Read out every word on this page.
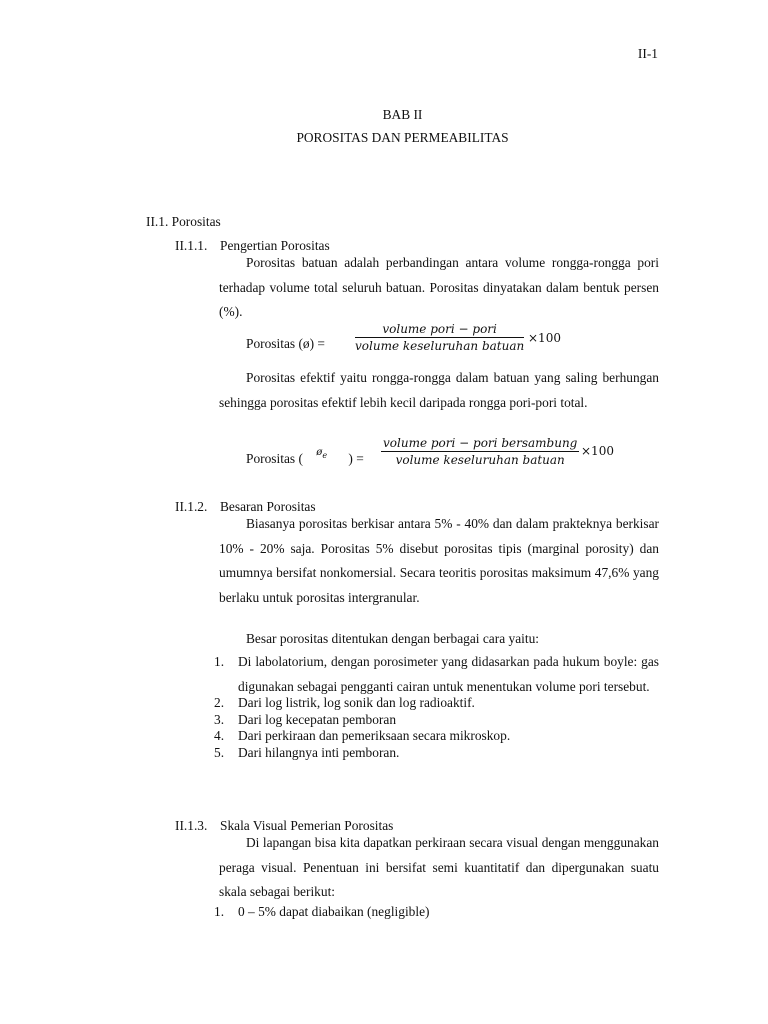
II-1
BAB II
POROSITAS DAN PERMEABILITAS
II.1. Porositas
II.1.1. Pengertian Porositas
Porositas batuan adalah perbandingan antara volume rongga-rongga pori terhadap volume total seluruh batuan. Porositas dinyatakan dalam bentuk persen (%).
Porositas (ø) =
volume pori − pori
volume keseluruhan batuan
×100
Porositas efektif yaitu rongga-rongga dalam batuan yang saling berhungan sehingga porositas efektif lebih kecil daripada rongga pori-pori total.
Porositas ( $^{ø_e}$ ) =
volume pori − pori bersambung
volume keseluruhan batuan
×100
II.1.2. Besaran Porositas
Biasanya porositas berkisar antara 5% - 40% dan dalam prakteknya berkisar 10% - 20% saja. Porositas 5% disebut porositas tipis (marginal porosity) dan umumnya bersifat nonkomersial. Secara teoritis porositas maksimum 47,6% yang berlaku untuk porositas intergranular.
Besar porositas ditentukan dengan berbagai cara yaitu:
1. Di labolatorium, dengan porosimeter yang didasarkan pada hukum boyle: gas digunakan sebagai pengganti cairan untuk menentukan volume pori tersebut.
2. Dari log listrik, log sonik dan log radioaktif.
3. Dari log kecepatan pemboran
4. Dari perkiraan dan pemeriksaan secara mikroskop.
5. Dari hilangnya inti pemboran.
II.1.3. Skala Visual Pemerian Porositas
Di lapangan bisa kita dapatkan perkiraan secara visual dengan menggunakan peraga visual. Penentuan ini bersifat semi kuantitatif dan dipergunakan suatu skala sebagai berikut:
1. 0 – 5% dapat diabaikan (negligible)
